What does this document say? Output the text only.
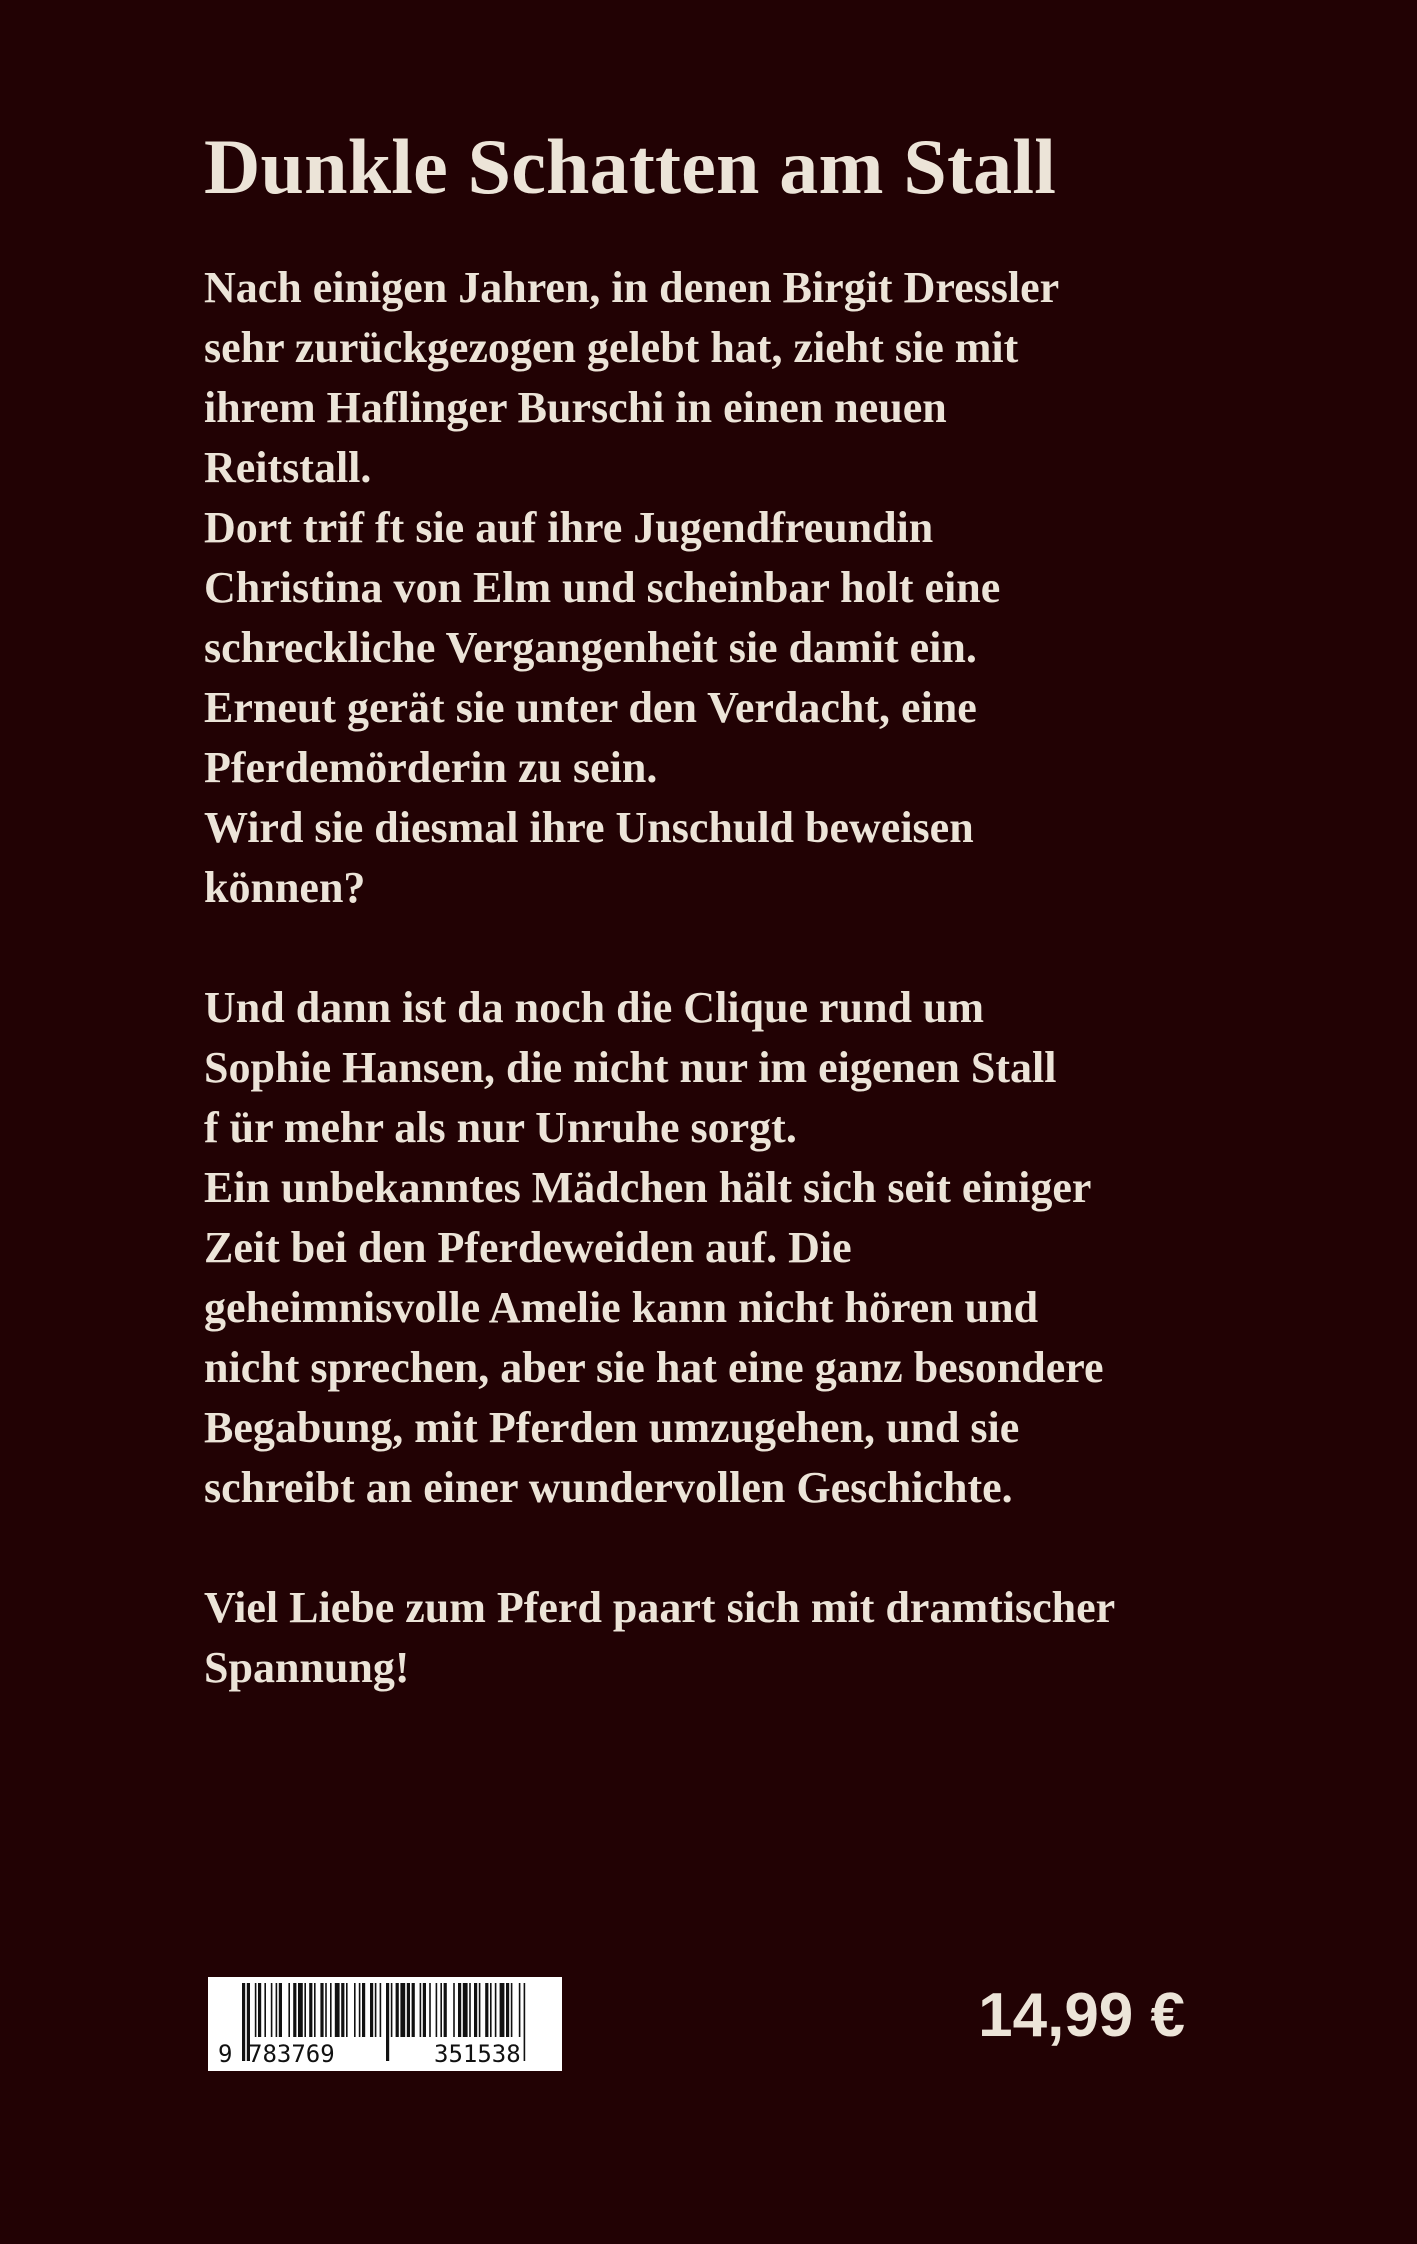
Dunkle Schatten am Stall
Nach einigen Jahren, in denen Birgit Dressler
sehr zurückgezogen gelebt hat, zieht sie mit
ihrem Haflinger Burschi in einen neuen
Reitstall.
Dort trif ft sie auf ihre Jugendfreundin
Christina von Elm und scheinbar holt eine
schreckliche Vergangenheit sie damit ein.
Erneut gerät sie unter den Verdacht, eine
Pferdemörderin zu sein.
Wird sie diesmal ihre Unschuld beweisen
können?
Und dann ist da noch die Clique rund um
Sophie Hansen, die nicht nur im eigenen Stall
f ür mehr als nur Unruhe sorgt.
Ein unbekanntes Mädchen hält sich seit einiger
Zeit bei den Pferdeweiden auf. Die
geheimnisvolle Amelie kann nicht hören und
nicht sprechen, aber sie hat eine ganz besondere
Begabung, mit Pferden umzugehen, und sie
schreibt an einer wundervollen Geschichte.
Viel Liebe zum Pferd paart sich mit dramtischer
Spannung!
9 783769	351538
14,99 €
